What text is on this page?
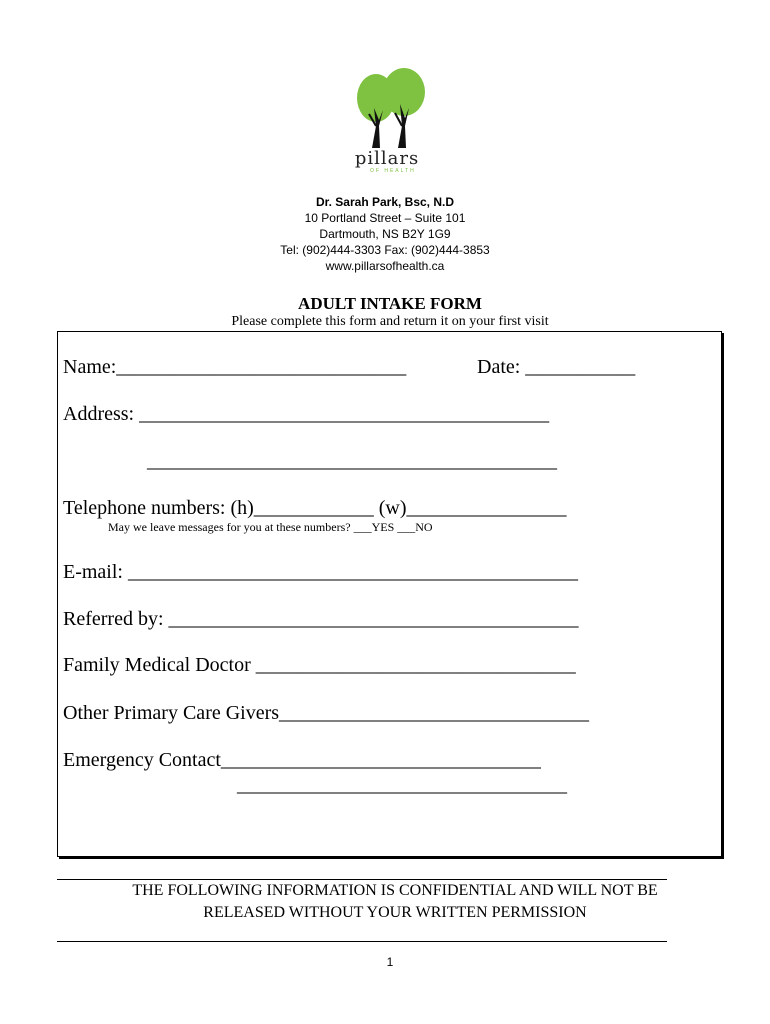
pillars
OF HEALTH
Dr. Sarah Park, Bsc, N.D
10 Portland Street – Suite 101
Dartmouth, NS B2Y 1G9
Tel: (902)444-3303 Fax: (902)444-3853
www.pillarsofhealth.ca
ADULT INTAKE FORM
Please complete this form and return it on your first visit
Name:_____________________________	Date: ___________
Address: _________________________________________
_________________________________________
Telephone numbers: (h)____________ (w)________________
May we leave messages for you at these numbers? ___YES ___NO
E-mail: _____________________________________________
Referred by: _________________________________________
Family Medical Doctor ________________________________
Other Primary Care Givers_______________________________
Emergency Contact________________________________
_________________________________
THE FOLLOWING INFORMATION IS CONFIDENTIAL AND WILL NOT BE
RELEASED WITHOUT YOUR WRITTEN PERMISSION
1
